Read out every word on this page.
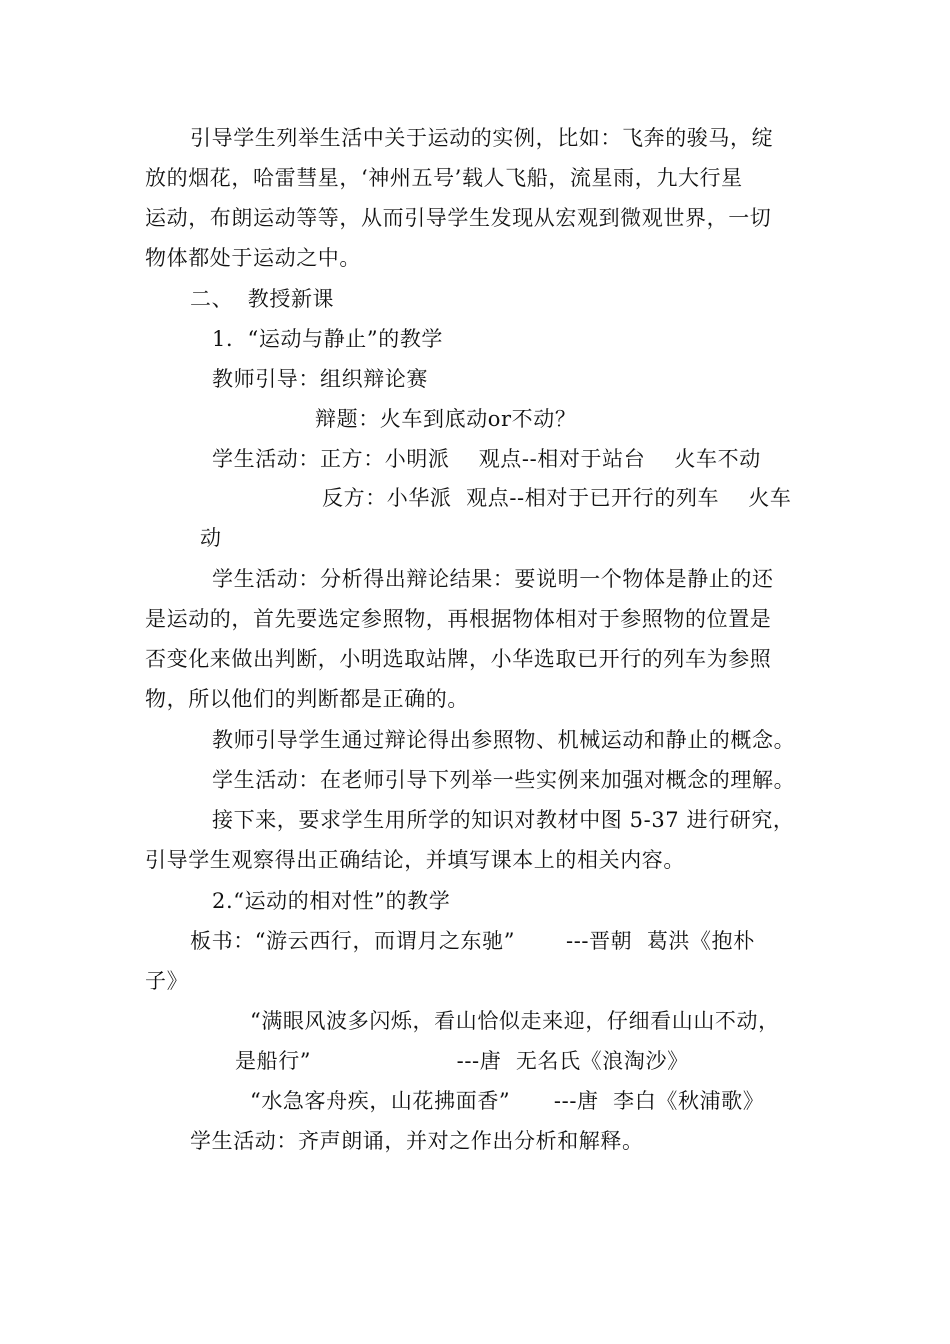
引导学生列举生活中关于运动的实例，比如：飞奔的骏马，绽
放的烟花，哈雷彗星，‘神州五号’载人飞船，流星雨，九大行星
运动，布朗运动等等，从而引导学生发现从宏观到微观世界，一切
物体都处于运动之中。
二、  教授新课
1．“运动与静止”的教学
教师引导：组织辩论赛
辩题：火车到底动or不动？
学生活动：正方：小明派    观点--相对于站台    火车不动
反方：小华派  观点--相对于已开行的列车    火车
动
学生活动：分析得出辩论结果：要说明一个物体是静止的还
是运动的，首先要选定参照物，再根据物体相对于参照物的位置是
否变化来做出判断，小明选取站牌，小华选取已开行的列车为参照
物，所以他们的判断都是正确的。
教师引导学生通过辩论得出参照物、机械运动和静止的概念。
学生活动：在老师引导下列举一些实例来加强对概念的理解。
接下来，要求学生用所学的知识对教材中图 5-37 进行研究，
引导学生观察得出正确结论，并填写课本上的相关内容。
2.“运动的相对性”的教学
板书：“游云西行，而谓月之东驰”       ---晋朝  葛洪《抱朴
子》
“满眼风波多闪烁，看山恰似走来迎，仔细看山山不动，
是船行”                    ---唐  无名氏《浪淘沙》
“水急客舟疾，山花拂面香”      ---唐  李白《秋浦歌》
学生活动：齐声朗诵，并对之作出分析和解释。
